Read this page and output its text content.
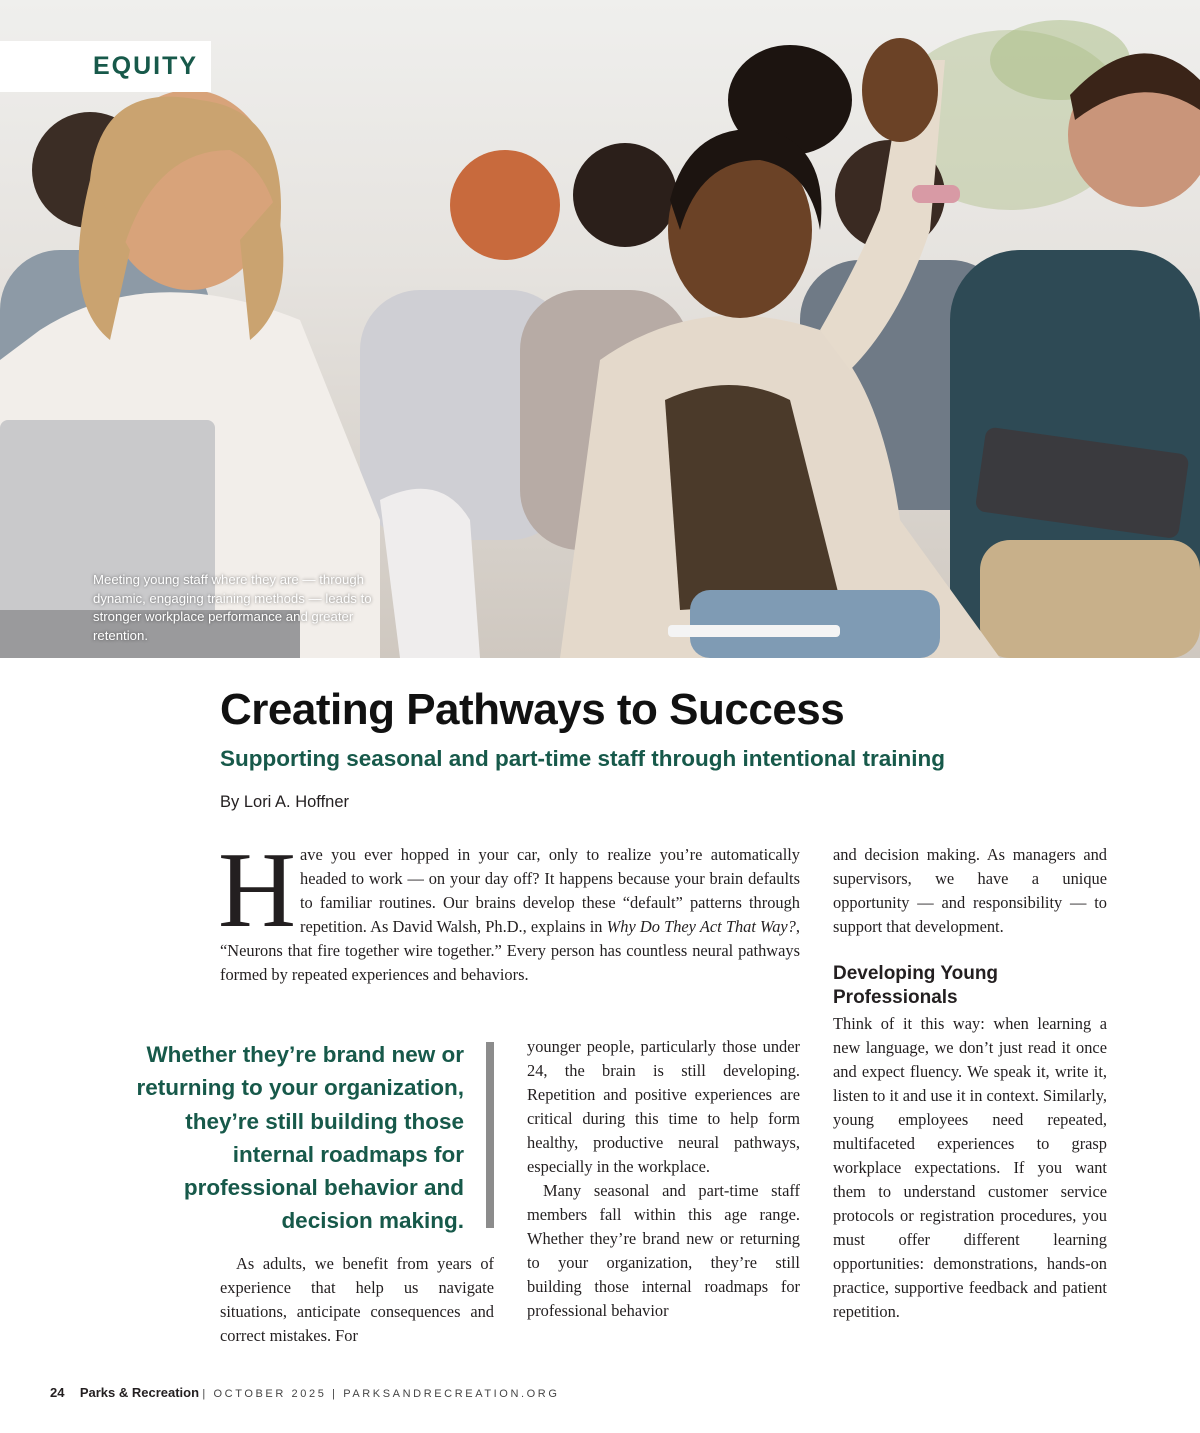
EQUITY
Meeting young staff where they are — through dynamic, engaging training methods — leads to stronger workplace performance and greater retention.
Creating Pathways to Success
Supporting seasonal and part-time staff through intentional training
By Lori A. Hoffner

Have you ever hopped in your car, only to realize you’re automatically headed to work — on your day off? It happens because your brain defaults to familiar routines. Our brains develop these “default” patterns through repetition. As David Walsh, Ph.D., explains in Why Do They Act That Way?, “Neurons that fire together wire together.” Every person has countless neural pathways formed by repeated experiences and behaviors.

Whether they’re brand new or returning to your organization, they’re still building those internal roadmaps for professional behavior and decision making.

As adults, we benefit from years of experience that help us navigate situations, anticipate consequences and correct mistakes. For

younger people, particularly those under 24, the brain is still developing. Repetition and positive experiences are critical during this time to help form healthy, productive neural pathways, especially in the workplace.

Many seasonal and part-time staff members fall within this age range. Whether they’re brand new or returning to your organization, they’re still building those internal roadmaps for professional behavior

and decision making. As managers and supervisors, we have a unique opportunity — and responsibility — to support that development.

Developing Young Professionals

Think of it this way: when learning a new language, we don’t just read it once and expect fluency. We speak it, write it, listen to it and use it in context. Similarly, young employees need repeated, multifaceted experiences to grasp workplace expectations. If you want them to understand customer service protocols or registration procedures, you must offer different learning opportunities: demonstrations, hands-on practice, supportive feedback and patient repetition.

24 Parks & Recreation | OCTOBER 2025 | PARKSANDRECREATION.ORG
